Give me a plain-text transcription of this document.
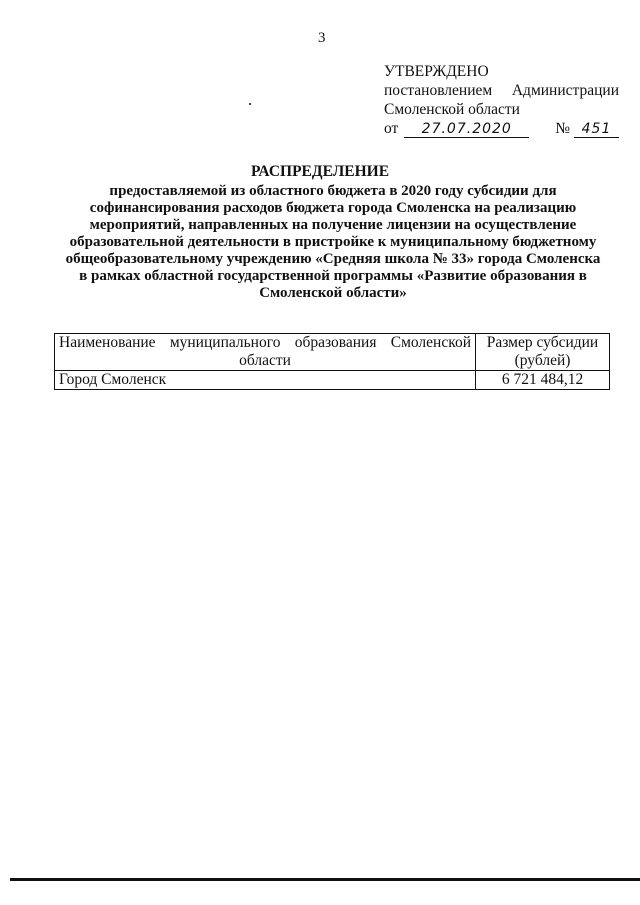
3
УТВЕРЖДЕНО
постановлением Администрации
Смоленской области
от	27.07.2020	№ 451
РАСПРЕДЕЛЕНИЕ
предоставляемой из областного бюджета в 2020 году субсидии для
софинансирования расходов бюджета города Смоленска на реализацию
мероприятий, направленных на получение лицензии на осуществление
образовательной деятельности в пристройке к муниципальному бюджетному
общеобразовательному учреждению «Средняя школа № 33» города Смоленска
в рамках областной государственной программы «Развитие образования в
Смоленской области»
Наименование муниципального образования Смоленской области	Размер субсидии (рублей)
Город Смоленск	6 721 484,12
